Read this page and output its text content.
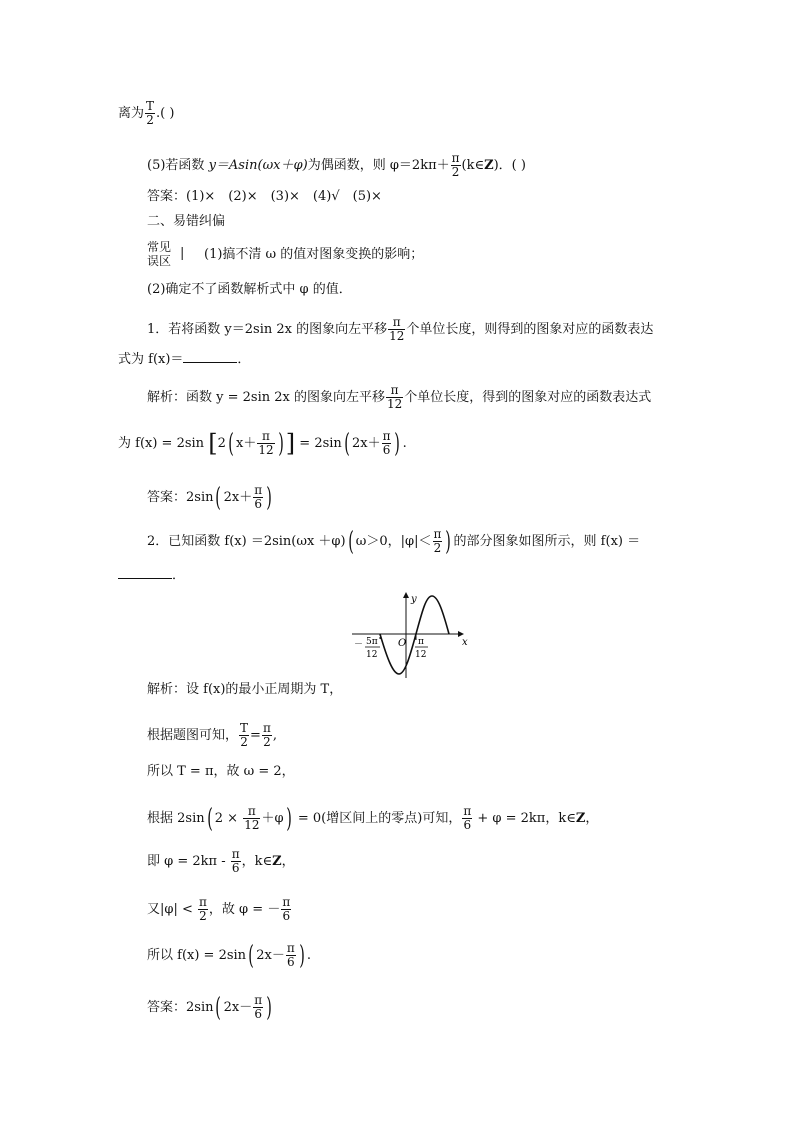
离为 $\frac{T}{2}$ .( )
(5)若函数 y＝Asin(ωx＋φ)为偶函数，则 $\varphi=2k\pi+ \frac{\pi}{2}$ (k∈Z)．( )
答案：(1)×　(2)×　(3)×　(4)√　(5)×
二、易错纠偏
常见
误区 | (1)搞不清 ω 的值对图象变换的影响；
(2)确定不了函数解析式中 φ 的值．
1．若将函数 y＝2sin 2x 的图象向左平移 $\frac{\pi}{12}$ 个单位长度，则得到的图象对应的函数表达
式为 f(x)＝	．
解析：函数 y = 2sin 2x 的图象向左平移 $\frac{\pi}{12}$ 个单位长度，得到的图象对应的函数表达式
为 f(x) = 2sin [2( $x+ \frac{\pi}{12}$ )] = 2sin( $2x+ \frac{\pi}{6}$ ) .
答案：2sin( $2x+ \frac{\pi}{6}$ )
2．已知函数 f(x) ＝2sin(ωx ＋φ)( ω＞0，$|\varphi|< \frac{\pi}{2}$ ) 的部分图象如图所示，则 f(x) ＝
．
y
x
O
－ 5π
12
π
12
解析：设 f(x)的最小正周期为 T，
根据题图可知， $\frac{T}{2} = \frac{\pi}{2}$ ,
所以 T = π，故 ω = 2，
根据 2sin( $2 \times \frac{\pi}{12} +\varphi) = 0$(增区间上的零点)可知， $\frac{\pi}{6} + \varphi = 2k\pi$，k∈Z，
即 $\varphi = 2k\pi - \frac{\pi}{6}$ ，k∈Z，
又$|\varphi| < \frac{\pi}{2}$ ，故 φ = － $\frac{\pi}{6}$
所以 f(x) = 2sin( $2x- \frac{\pi}{6}$ ) .
答案：2sin( $2x- \frac{\pi}{6}$ )
